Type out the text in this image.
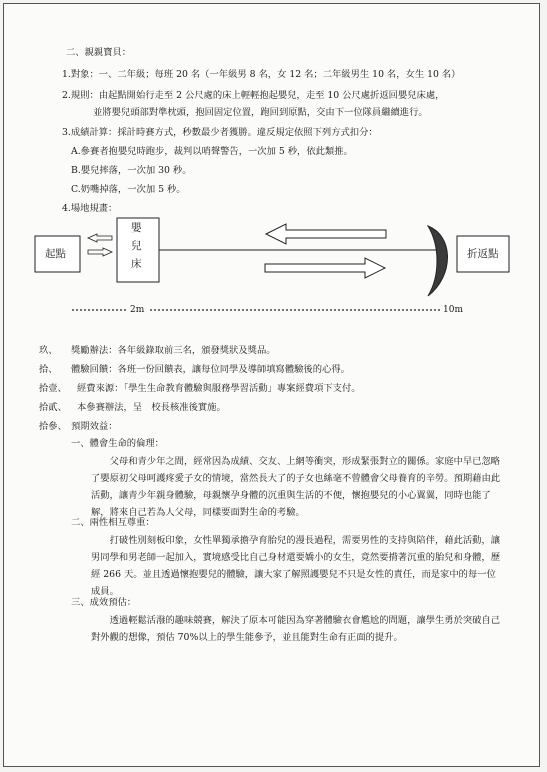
二、親親寶貝：
1.對象：一、二年級；每班 20 名（一年級男 8 名，女 12 名；二年級男生 10 名，女生 10 名）
2.規則：由起點開始行走至 2 公尺處的床上輕輕抱起嬰兒，走至 10 公尺處折返回嬰兒床處，
並將嬰兒頭部對準枕頭，抱回固定位置，跑回到原點，交由下一位隊員繼續進行。
3.成績計算：採計時賽方式，秒數最少者獲勝。違反規定依照下列方式扣分：
A.參賽者抱嬰兒時跑步，裁判以哨聲警告，一次加 5 秒，依此類推。
B.嬰兒摔落，一次加 30 秒。
C.奶嘴掉落，一次加 5 秒。
4.場地規畫：
起點
嬰
兒
床
折返點
2m	10m
玖、 獎勵辦法：各年級錄取前三名，頒發獎狀及獎品。
拾、 體驗回饋：各班一份回饋表，讓每位同學及導師填寫體驗後的心得。
拾壹、 經費來源：「學生生命教育體驗與服務學習活動」專案經費項下支付。
拾貳、 本參賽辦法，呈　校長核准後實施。
拾參、 預期效益：
一、體會生命的倫理：
父母和青少年之間，經常因為成績、交友、上網等衝突，形成緊張對立的關係。家庭中早已忽略了嬰原初父母呵護疼愛子女的情境，當然長大了的子女也絲毫不曾體會父母養育的辛勞。預期藉由此活動，讓青少年親身體驗，母親懷孕身體的沉重與生活的不便，懷抱嬰兒的小心翼翼，同時也能了解，將來自己若為人父母，同樣要面對生命的考驗。
二、兩性相互尊重：
打破性別刻板印象，女性單獨承擔孕育胎兒的漫長過程，需要男性的支持與陪伴，藉此活動，讓男同學和男老師一起加入，實境感受比自己身材還要嬌小的女生，竟然要揹著沉重的胎兒和身體，歷經 266 天。並且透過懷抱嬰兒的體驗，讓大家了解照護嬰兒不只是女性的責任，而是家中的每一位成員。
三、成效預估：
透過輕鬆活潑的趣味競賽，解決了原本可能因為穿著體驗衣會尷尬的問題，讓學生勇於突破自己對外觀的想像，預估 70%以上的學生能參予，並且能對生命有正面的提升。
